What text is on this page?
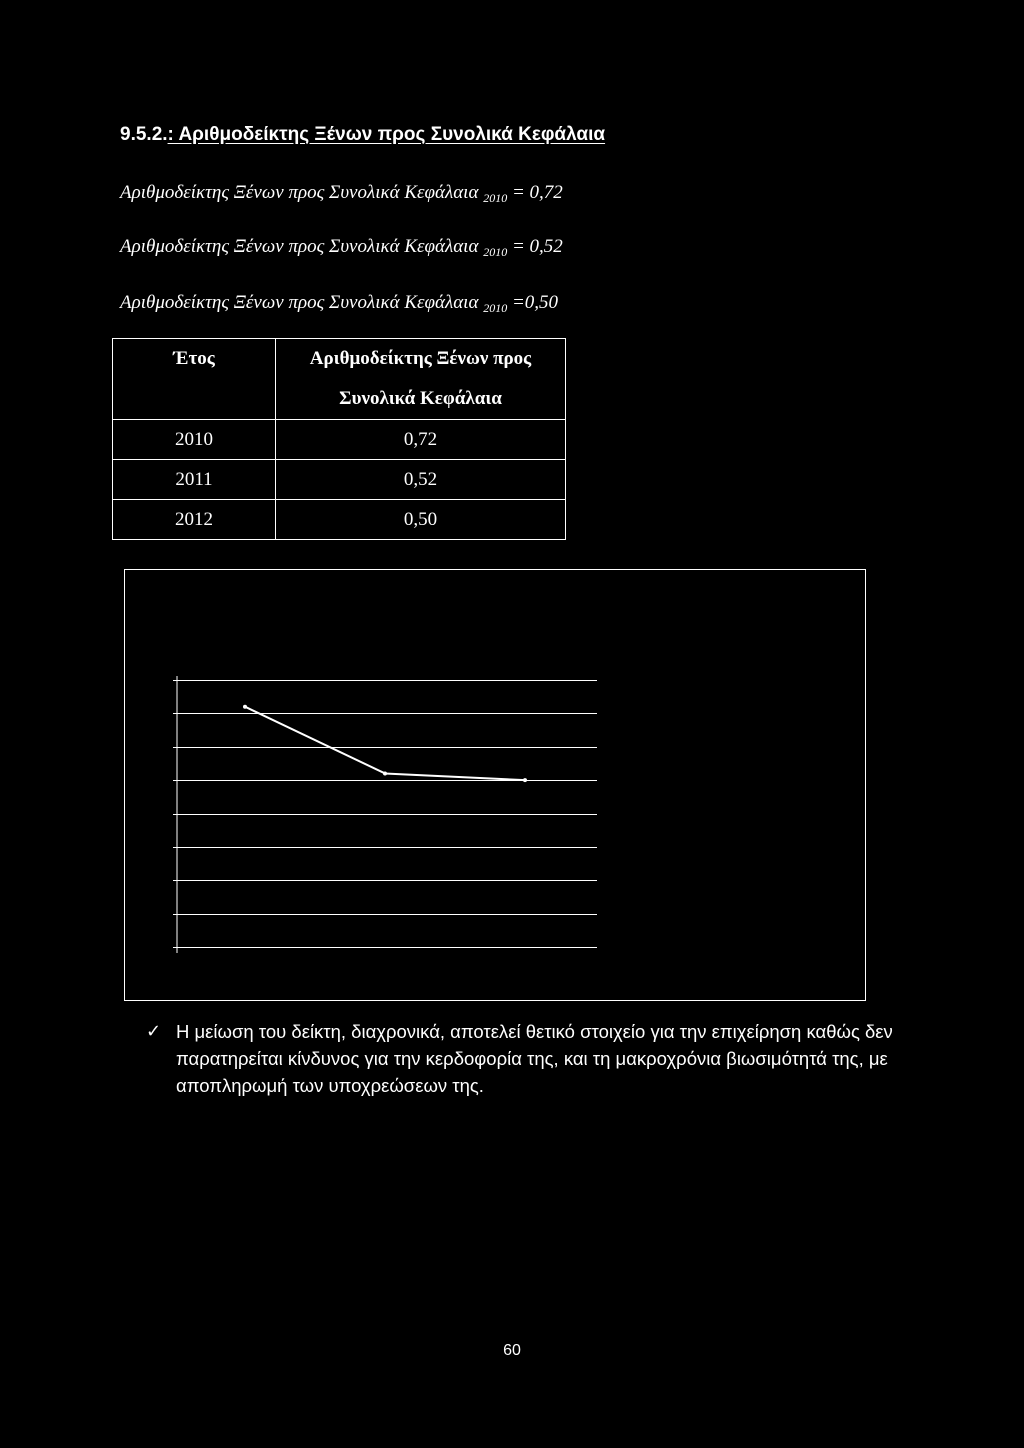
9.5.2.: Αριθμοδείκτης Ξένων προς Συνολικά Κεφάλαια

Αριθμοδείκτης Ξένων προς Συνολικά Κεφάλαια $_{2010}$ = 0,72

Αριθμοδείκτης Ξένων προς Συνολικά Κεφάλαια $_{2010}$ = 0,52

Αριθμοδείκτης Ξένων προς Συνολικά Κεφάλαια $_{2010}$ =0,50

Έτος	Αριθμοδείκτης Ξένων προς Συνολικά Κεφάλαια
2010	0,72
2011	0,52
2012	0,50
✓ Η μείωση του δείκτη, διαχρονικά, αποτελεί θετικό στοιχείο για την επιχείρηση καθώς δεν παρατηρείται κίνδυνος για την κερδοφορία της, και τη μακροχρόνια βιωσιμότητά της, με αποπληρωμή των υποχρεώσεων της.
60
